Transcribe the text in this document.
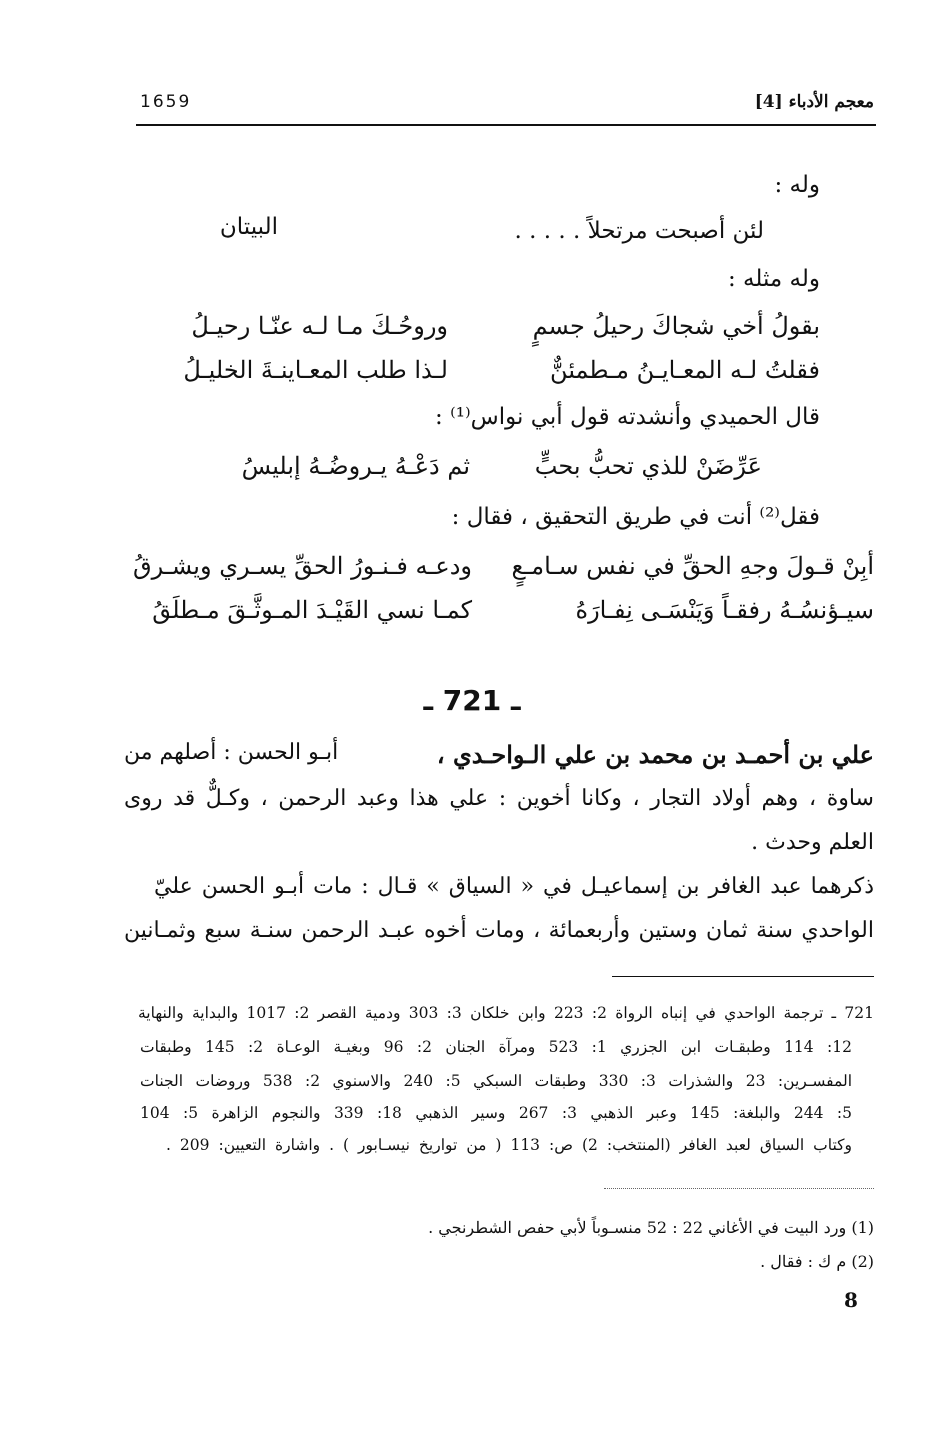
1659	معجم الأدباء [4]
وله :
لئن أصبحت مرتحلاً . . . . .
البيتان
وله مثله :
بقولُ أخي شجاكَ رحيلُ جسمٍ
وروحُـكَ مـا لـه عنّـا رحيـلُ
فقلتُ لـه المعـايـنُ مـطمئنٌّ
لـذا طلب المعـاينـةَ الخليـلُ
قال الحميدي وأنشدته قول أبي نواس⁽¹⁾ :
عَرِّضَنْ للذي تحبُّ بحبٍّ
ثم دَعْـهُ يـروضُـهُ إبليسُ
فقل⁽²⁾ أنت في طريق التحقيق ، فقال :
أبِنْ قـولَ وجهِ الحقِّ في نفس سـامـعٍ
ودعـه فـنـورُ الحقِّ يسـري ويشـرقُ
سيـؤنسُـهُ رفقـاً وَيَنْسَـى نِفـارَهُ
كمـا نسي القَيْـدَ المـوثَّـقَ مـطلَقُ
ـ 721 ـ
علي بن أحمـد بن محمد بن علي الـواحـدي ،
أبـو الحسن : أصلهم من
ساوة ، وهم أولاد التجار ، وكانا أخوين : علي هذا وعبد الرحمن ، وكـلٌّ قد روى
العلم وحدث .
ذكرهما عبد الغافر بن إسماعيـل في « السياق » قـال : مات أبـو الحسن عليّ
الواحدي سنة ثمان وستين وأربعمائة ، ومات أخوه عبـد الرحمن سنـة سبع وثمـانين
721 ـ ترجمة الواحدي في إنباه الرواة 2: 223 وابن خلكان 3: 303 ودمية القصر 2: 1017 والبداية والنهاية
12: 114 وطبقـات ابن الجزري 1: 523 ومرآة الجنان 2: 96 وبغيـة الوعـاة 2: 145 وطبقات
المفسـرين: 23 والشذرات 3: 330 وطبقات السبكي 5: 240 والاسنوي 2: 538 وروضات الجنات
5: 244 والبلغة: 145 وعبر الذهبي 3: 267 وسير الذهبي 18: 339 والنجوم الزاهرة 5: 104
وكتاب السياق لعبد الغافر (المنتخب: 2) ص: 113 ( من تواريخ نيسـابور ) . واشارة التعيين: 209 .
(1) ورد البيت في الأغاني 22 : 52 منسـوباً لأبي حفص الشطرنجي .
(2) م ك : فقال .
8
